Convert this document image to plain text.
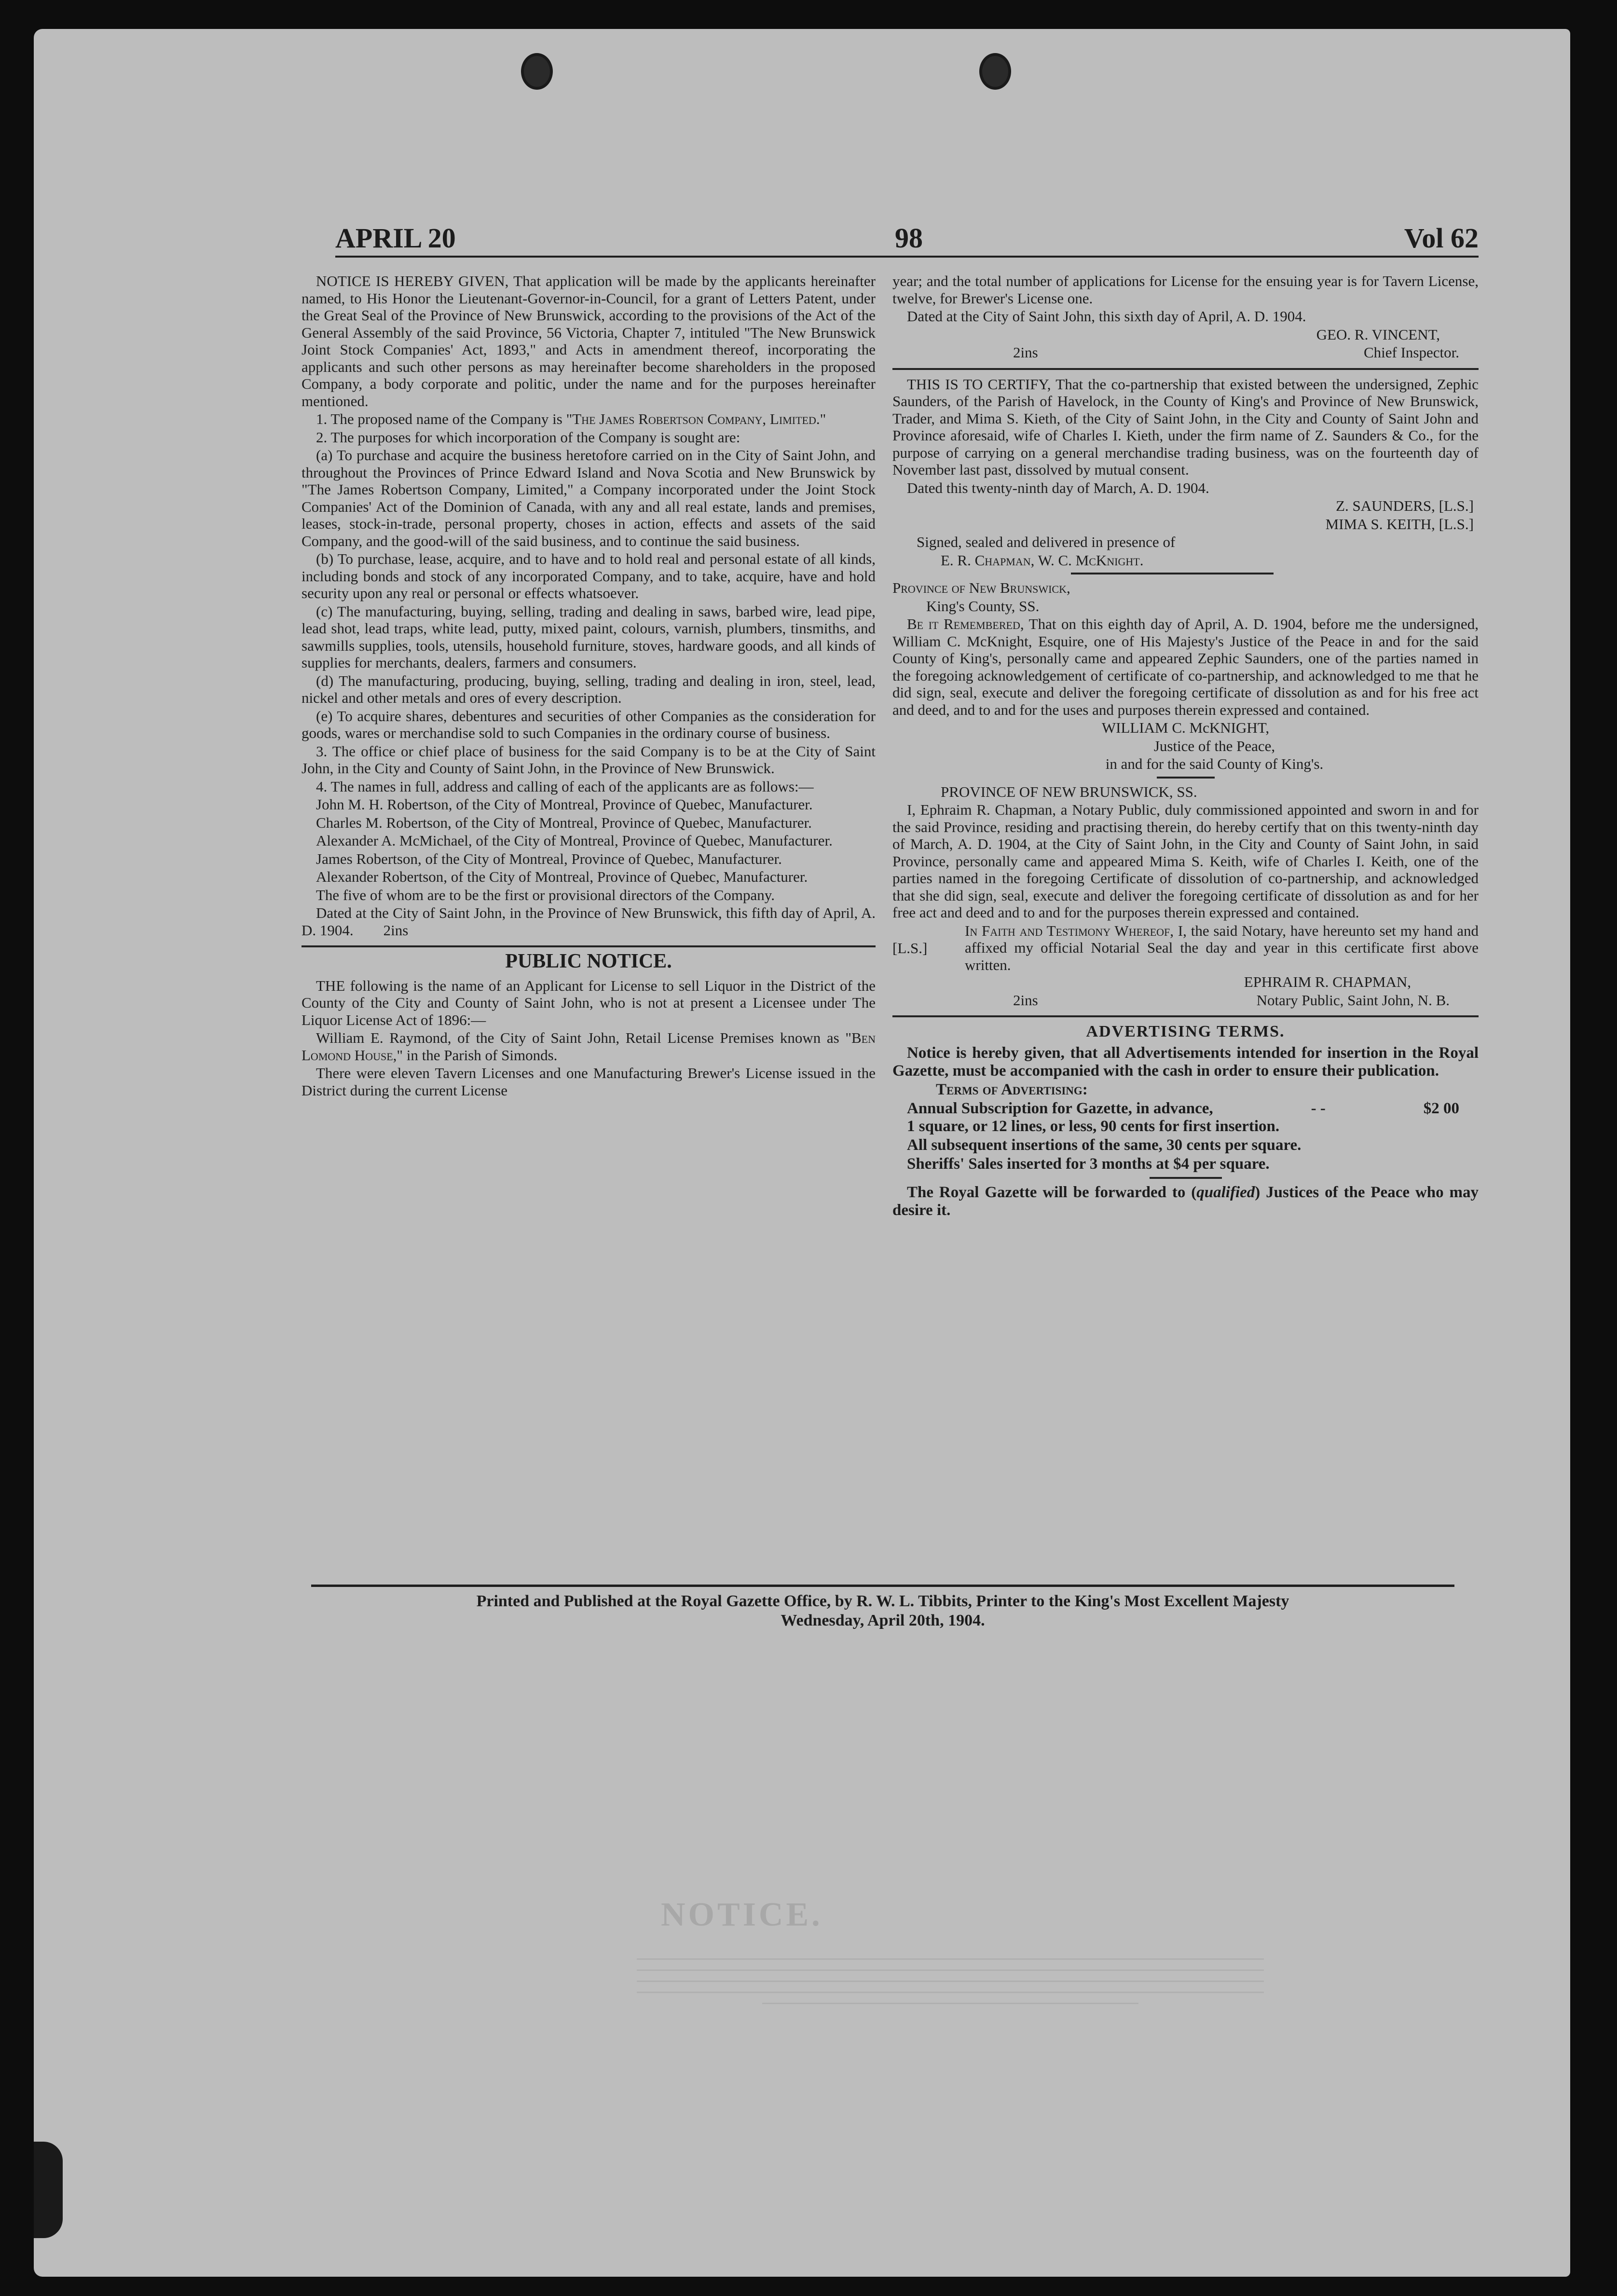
APRIL 20	98	Vol 62

NOTICE IS HEREBY GIVEN, That application will be made by the applicants hereinafter named, to His Honor the Lieutenant-Governor-in-Council, for a grant of Letters Patent, under the Great Seal of the Province of New Brunswick, according to the provisions of the Act of the General Assembly of the said Province, 56 Victoria, Chapter 7, intituled "The New Brunswick Joint Stock Companies' Act, 1893," and Acts in amendment thereof, incorporating the applicants and such other persons as may hereinafter become shareholders in the proposed Company, a body corporate and politic, under the name and for the purposes hereinafter mentioned.

1. The proposed name of the Company is "The James Robertson Company, Limited."

2. The purposes for which incorporation of the Company is sought are:

(a) To purchase and acquire the business heretofore carried on in the City of Saint John, and throughout the Provinces of Prince Edward Island and Nova Scotia and New Brunswick by "The James Robertson Company, Limited," a Company incorporated under the Joint Stock Companies' Act of the Dominion of Canada, with any and all real estate, lands and premises, leases, stock-in-trade, personal property, choses in action, effects and assets of the said Company, and the good-will of the said business, and to continue the said business.

(b) To purchase, lease, acquire, and to have and to hold real and personal estate of all kinds, including bonds and stock of any incorporated Company, and to take, acquire, have and hold security upon any real or personal or effects whatsoever.

(c) The manufacturing, buying, selling, trading and dealing in saws, barbed wire, lead pipe, lead shot, lead traps, white lead, putty, mixed paint, colours, varnish, plumbers, tinsmiths, and sawmills supplies, tools, utensils, household furniture, stoves, hardware goods, and all kinds of supplies for merchants, dealers, farmers and consumers.

(d) The manufacturing, producing, buying, selling, trading and dealing in iron, steel, lead, nickel and other metals and ores of every description.

(e) To acquire shares, debentures and securities of other Companies as the consideration for goods, wares or merchandise sold to such Companies in the ordinary course of business.

3. The office or chief place of business for the said Company is to be at the City of Saint John, in the City and County of Saint John, in the Province of New Brunswick.

4. The names in full, address and calling of each of the applicants are as follows:—

John M. H. Robertson, of the City of Montreal, Province of Quebec, Manufacturer.

Charles M. Robertson, of the City of Montreal, Province of Quebec, Manufacturer.

Alexander A. McMichael, of the City of Montreal, Province of Quebec, Manufacturer.

James Robertson, of the City of Montreal, Province of Quebec, Manufacturer.

Alexander Robertson, of the City of Montreal, Province of Quebec, Manufacturer.

The five of whom are to be the first or provisional directors of the Company.

Dated at the City of Saint John, in the Province of New Brunswick, this fifth day of April, A. D. 1904. 2ins

PUBLIC NOTICE.

THE following is the name of an Applicant for License to sell Liquor in the District of the County of the City and County of Saint John, who is not at present a Licensee under The Liquor License Act of 1896:—

William E. Raymond, of the City of Saint John, Retail License Premises known as "Ben Lomond House," in the Parish of Simonds.

There were eleven Tavern Licenses and one Manufacturing Brewer's License issued in the District during the current License

year; and the total number of applications for License for the ensuing year is for Tavern License, twelve, for Brewer's License one.

Dated at the City of Saint John, this sixth day of April, A. D. 1904.

GEO. R. VINCENT,

2ins	Chief Inspector.

THIS IS TO CERTIFY, That the co-partnership that existed between the undersigned, Zephic Saunders, of the Parish of Havelock, in the County of King's and Province of New Brunswick, Trader, and Mima S. Kieth, of the City of Saint John, in the City and County of Saint John and Province aforesaid, wife of Charles I. Kieth, under the firm name of Z. Saunders & Co., for the purpose of carrying on a general merchandise trading business, was on the fourteenth day of November last past, dissolved by mutual consent.

Dated this twenty-ninth day of March, A. D. 1904.

Z. SAUNDERS, [L.S.]

MIMA S. KEITH, [L.S.]

Signed, sealed and delivered in presence of

E. R. Chapman, W. C. McKnight.

Province of New Brunswick,

King's County, SS.

Be it Remembered, That on this eighth day of April, A. D. 1904, before me the undersigned, William C. McKnight, Esquire, one of His Majesty's Justice of the Peace in and for the said County of King's, personally came and appeared Zephic Saunders, one of the parties named in the foregoing acknowledgement of certificate of co-partnership, and acknowledged to me that he did sign, seal, execute and deliver the foregoing certificate of dissolution as and for his free act and deed, and to and for the uses and purposes therein expressed and contained.

WILLIAM C. McKNIGHT,

Justice of the Peace,

in and for the said County of King's.

PROVINCE OF NEW BRUNSWICK, SS.

I, Ephraim R. Chapman, a Notary Public, duly commissioned appointed and sworn in and for the said Province, residing and practising therein, do hereby certify that on this twenty-ninth day of March, A. D. 1904, at the City of Saint John, in the City and County of Saint John, in said Province, personally came and appeared Mima S. Keith, wife of Charles I. Keith, one of the parties named in the foregoing Certificate of dissolution of co-partnership, and acknowledged that she did sign, seal, execute and deliver the foregoing certificate of dissolution as and for her free act and deed and to and for the purposes therein expressed and contained.

[L.S.]

In Faith and Testimony Whereof, I, the said Notary, have hereunto set my hand and affixed my official Notarial Seal the day and year in this certificate first above written.

EPHRAIM R. CHAPMAN,

2ins	Notary Public, Saint John, N. B.
ADVERTISING TERMS.

Notice is hereby given, that all Advertisements intended for insertion in the Royal Gazette, must be accompanied with the cash in order to ensure their publication.

Terms of Advertising:

Annual Subscription for Gazette, in advance,	- -	$2 00

1 square, or 12 lines, or less, 90 cents for first insertion.

All subsequent insertions of the same, 30 cents per square.

Sheriffs' Sales inserted for 3 months at $4 per square.

The Royal Gazette will be forwarded to (qualified) Justices of the Peace who may desire it.

Printed and Published at the Royal Gazette Office, by R. W. L. Tibbits, Printer to the King's Most Excellent Majesty
Wednesday, April 20th, 1904.
NOTICE.
